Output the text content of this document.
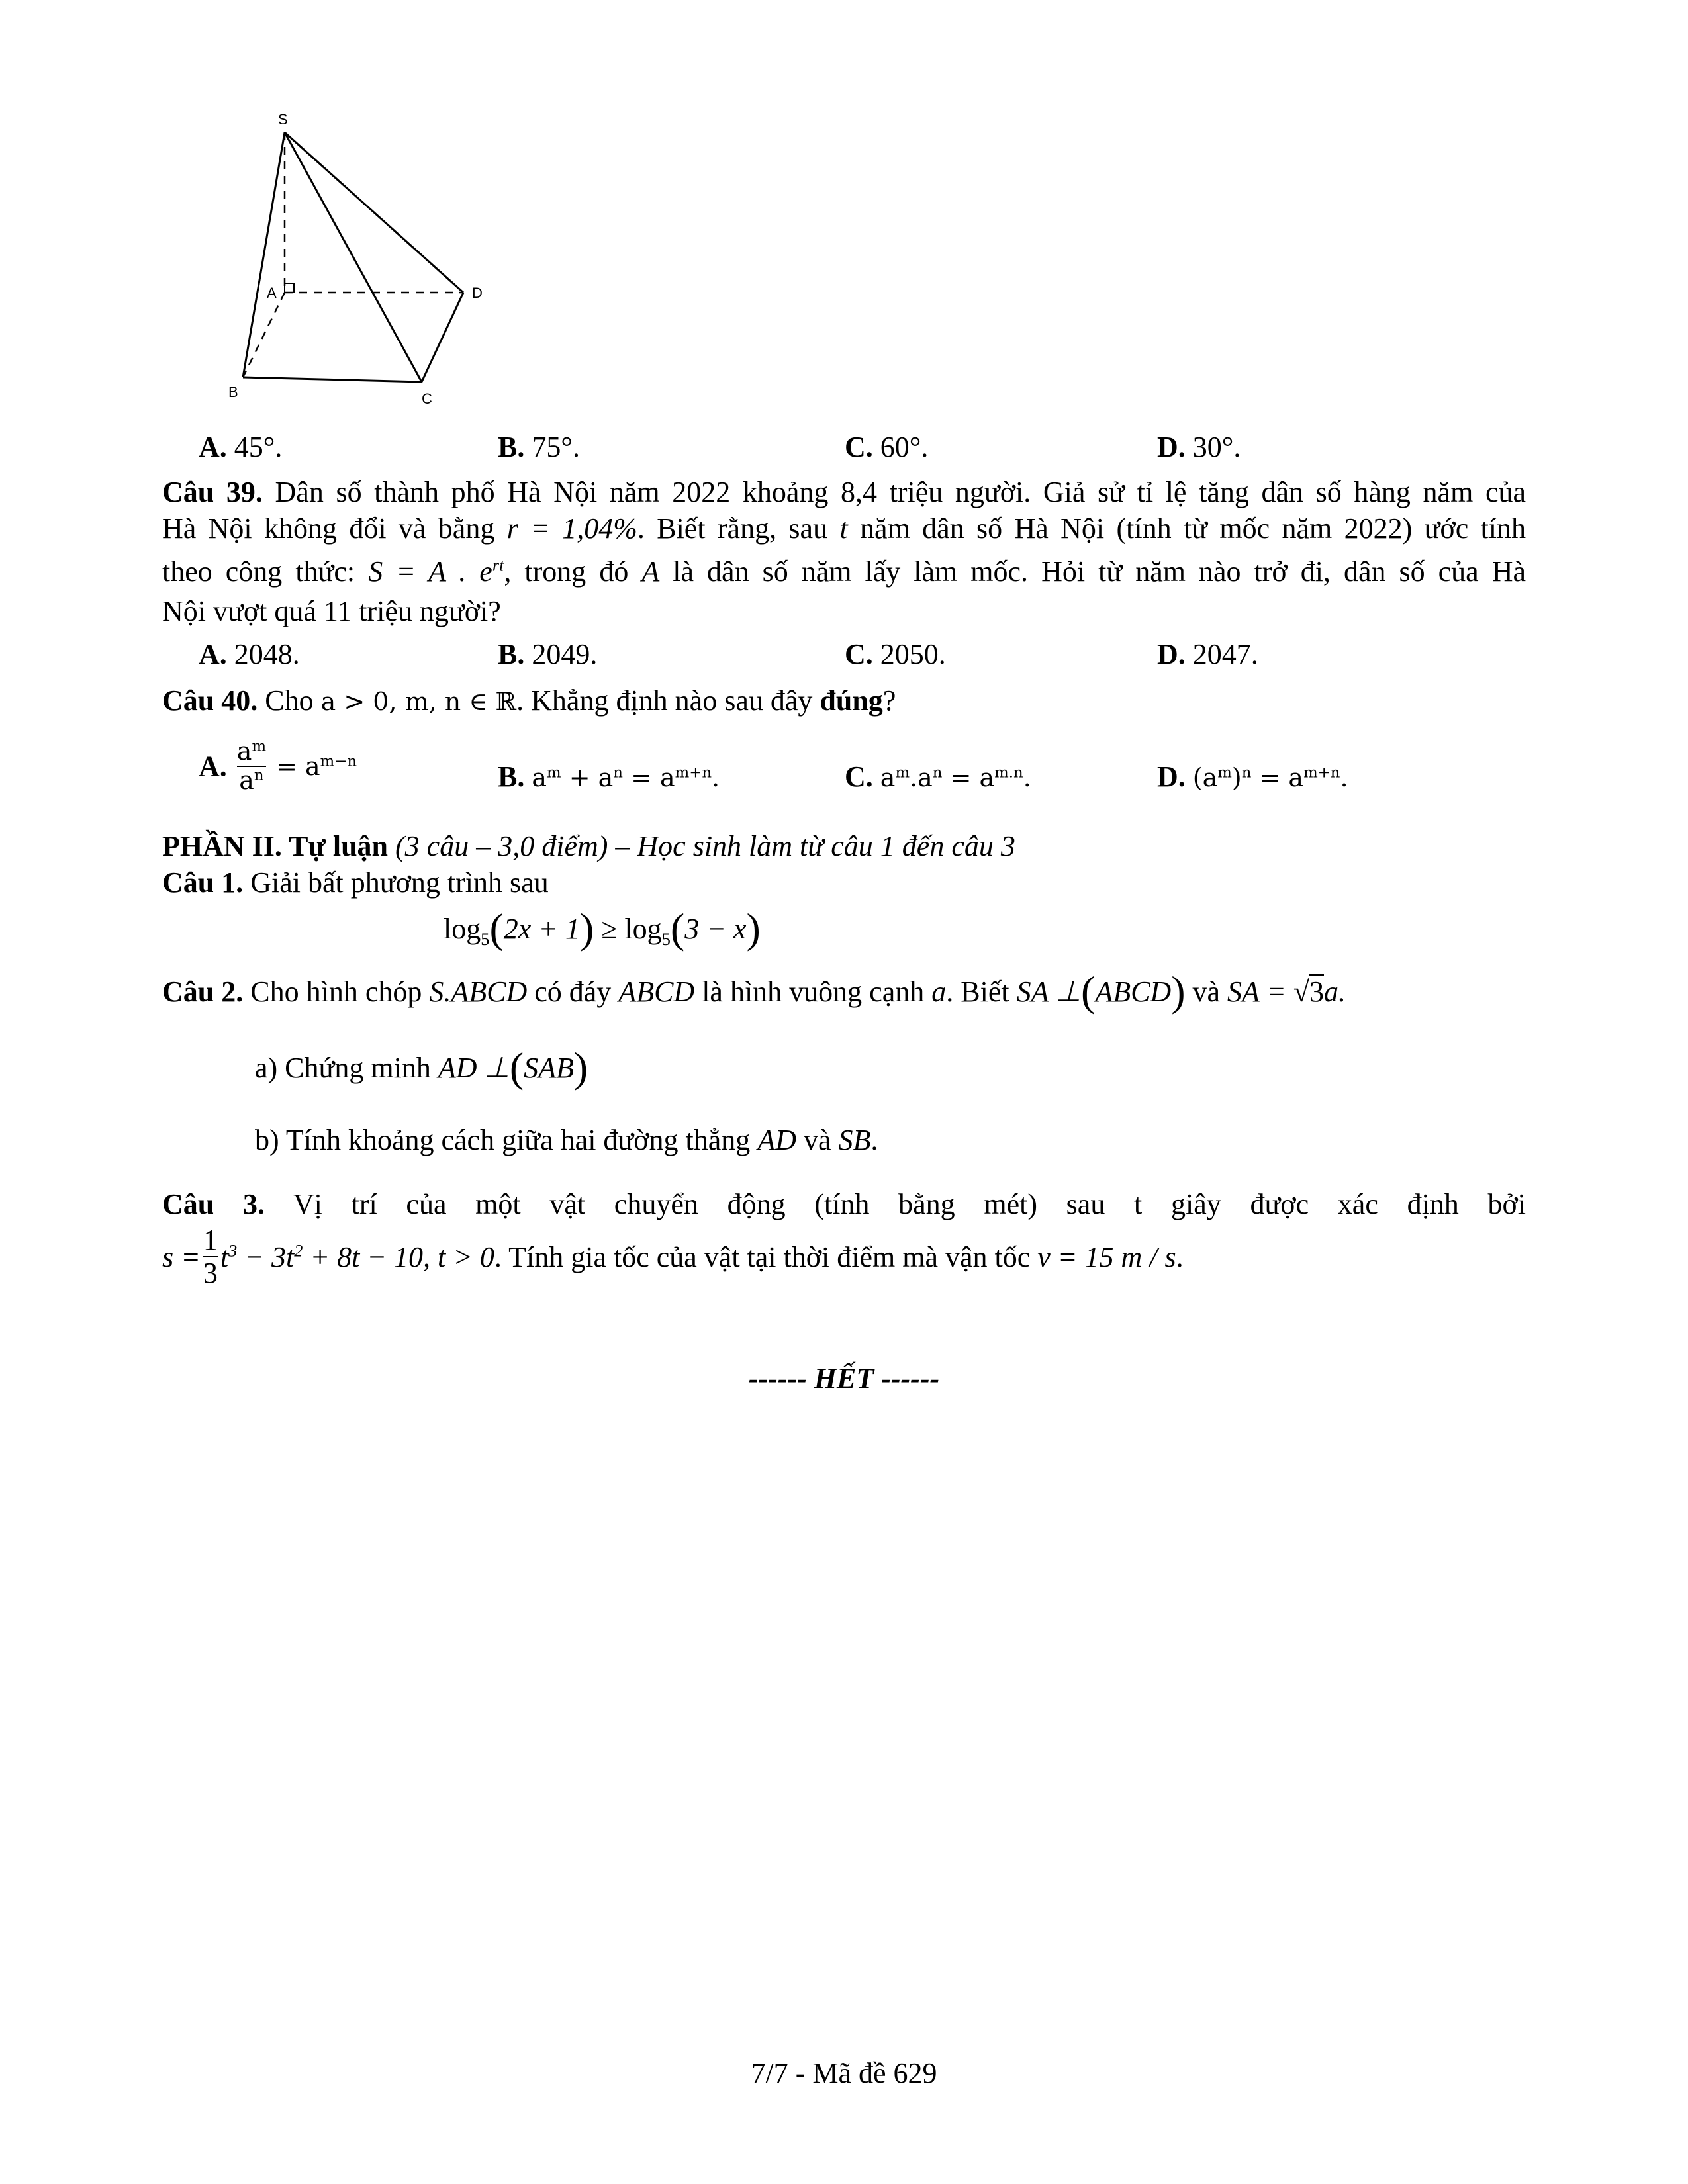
S
A
B	C
D
A. 45°.	B. 75°.	C. 60°.	D. 30°.
Câu 39. Dân số thành phố Hà Nội năm 2022 khoảng 8,4 triệu người. Giả sử tỉ lệ tăng dân số hàng năm của
Hà Nội không đổi và bằng r = 1,04%. Biết rằng, sau t năm dân số Hà Nội (tính từ mốc năm 2022) ước tính
theo công thức: S = A . $e^{rt}$, trong đó A là dân số năm lấy làm mốc. Hỏi từ năm nào trở đi, dân số của Hà
Nội vượt quá 11 triệu người?
A. 2048.	B. 2049.	C. 2050.	D. 2047.
Câu 40. Cho a > 0, m, n ∈ ℝ. Khẳng định nào sau đây đúng?
A. $\frac{a^m}{a^n} = a^{m-n}$	B. $a^m + a^n = a^{m+n}$.	C. $a^m.a^n = a^{m.n}$.	D. $(a^m)^n = a^{m+n}$.
PHẦN II. Tự luận (3 câu – 3,0 điểm) – Học sinh làm từ câu 1 đến câu 3
Câu 1. Giải bất phương trình sau
$\log_5(2x + 1) \ge \log_5(3 - x)$
Câu 2. Cho hình chóp S.ABCD có đáy ABCD là hình vuông cạnh a. Biết SA ⊥(ABCD) và SA = √3a.
a) Chứng minh AD ⊥(SAB)
b) Tính khoảng cách giữa hai đường thẳng AD và SB.
Câu 3. Vị trí của một vật chuyển động (tính bằng mét) sau t giây được xác định bởi
$s = \frac{1}{3} t^3 - 3t^2 + 8t - 10$, t > 0. Tính gia tốc của vật tại thời điểm mà vận tốc v = 15 m / s.
------ HẾT ------
7/7 - Mã đề 629
